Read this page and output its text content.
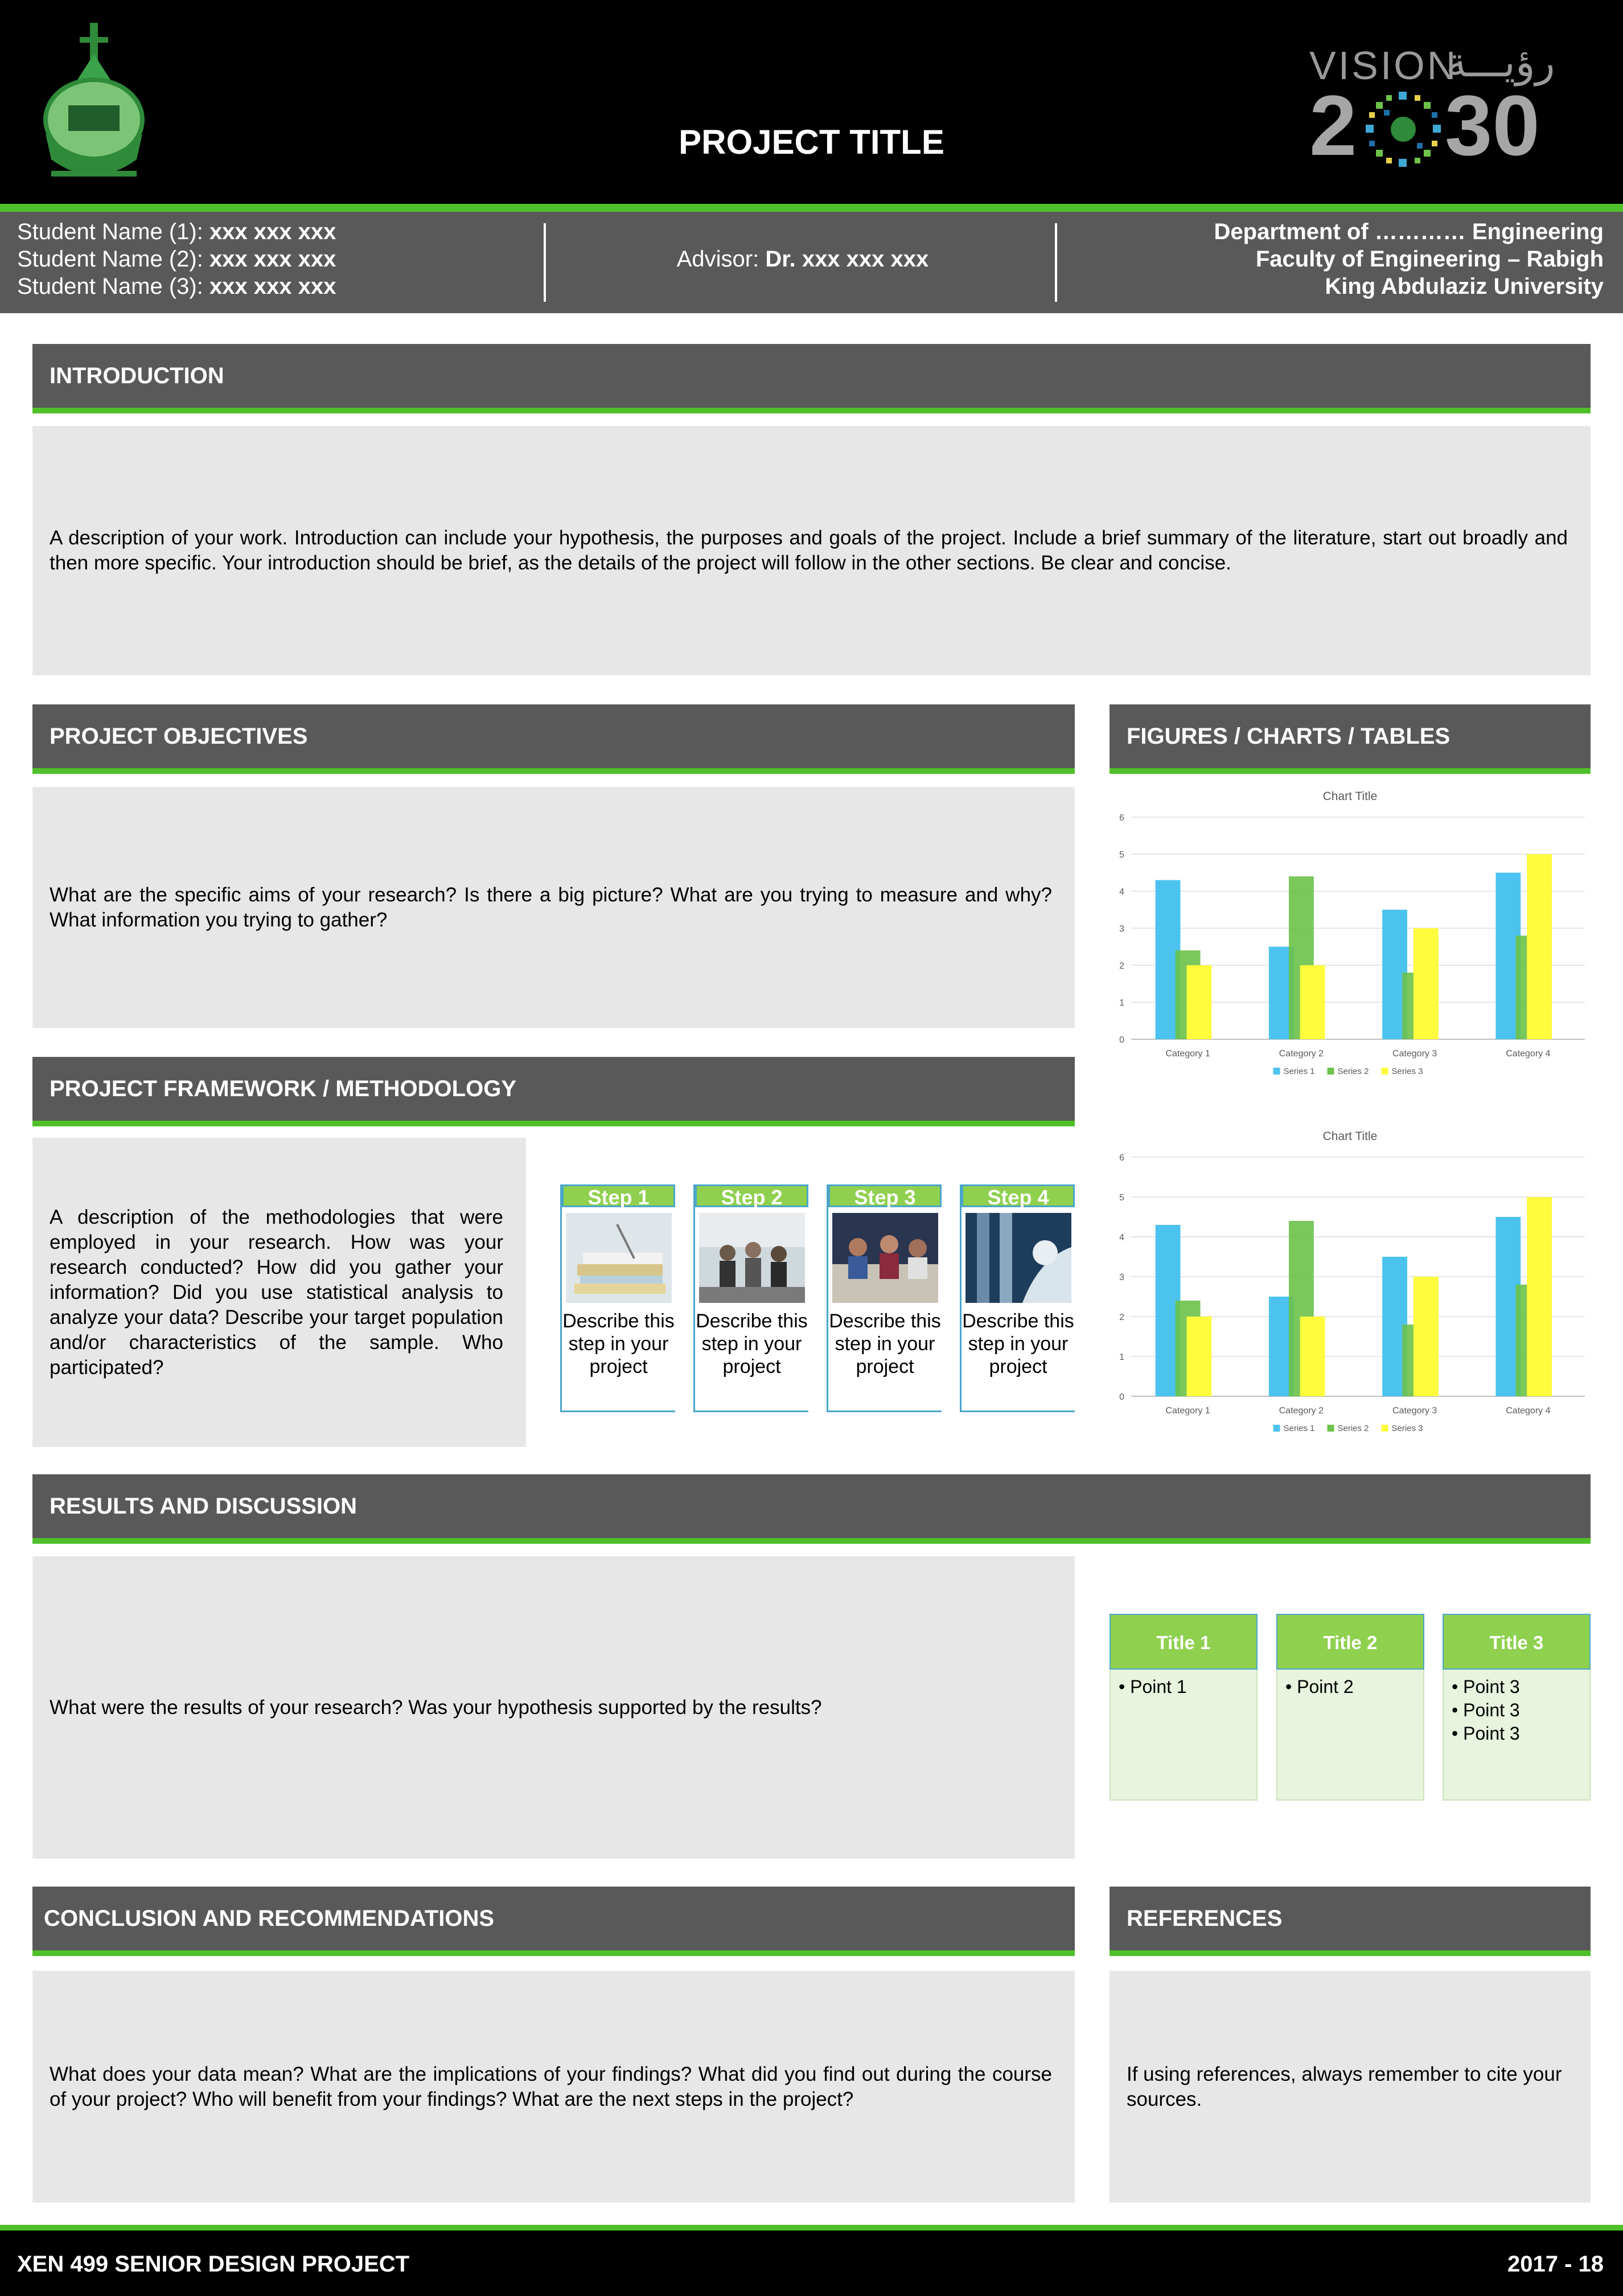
PROJECT TITLE
VISION
رؤيـــة
2 30
Student Name (1): xxx xxx xxx
Student Name (2): xxx xxx xxx
Student Name (3): xxx xxx xxx
Advisor: Dr. xxx xxx xxx
Department of ………… Engineering
Faculty of Engineering – Rabigh
King Abdulaziz University
INTRODUCTION
A description of your work. Introduction can include your hypothesis, the purposes and goals of the project. Include a brief summary of the literature, start out broadly and then more specific. Your introduction should be brief, as the details of the project will follow in the other sections. Be clear and concise.
PROJECT OBJECTIVES
What are the specific aims of your research? Is there a big picture? What are you trying to measure and why? What information you trying to gather?
FIGURES / CHARTS / TABLES
Chart Title
0
1
2
3
4
5
6
Category 1	Category 2	Category 3	Category 4
Series 1	Series 2	Series 3
Chart Title
0
1
2
3
4
5
6
Category 1	Category 2	Category 3	Category 4
Series 1	Series 2	Series 3
PROJECT FRAMEWORK / METHODOLOGY
A description of the methodologies that were employed in your research. How was your research conducted? How did you gather your information? Did you use statistical analysis to analyze your data? Describe your target population and/or characteristics of the sample. Who participated?
Step 1
Describe this step in your project
Step 2
Describe this step in your project
Step 3
Describe this step in your project
Step 4
Describe this step in your project
RESULTS AND DISCUSSION
What were the results of your research? Was your hypothesis supported by the results?
Title 1
• Point 1
Title 2
• Point 2
Title 3
• Point 3
• Point 3
• Point 3
CONCLUSION AND RECOMMENDATIONS
What does your data mean? What are the implications of your findings? What did you find out during the course of your project? Who will benefit from your findings? What are the next steps in the project?
REFERENCES
If using references, always remember to cite your sources.
XEN 499 SENIOR DESIGN PROJECT	2017 - 18
